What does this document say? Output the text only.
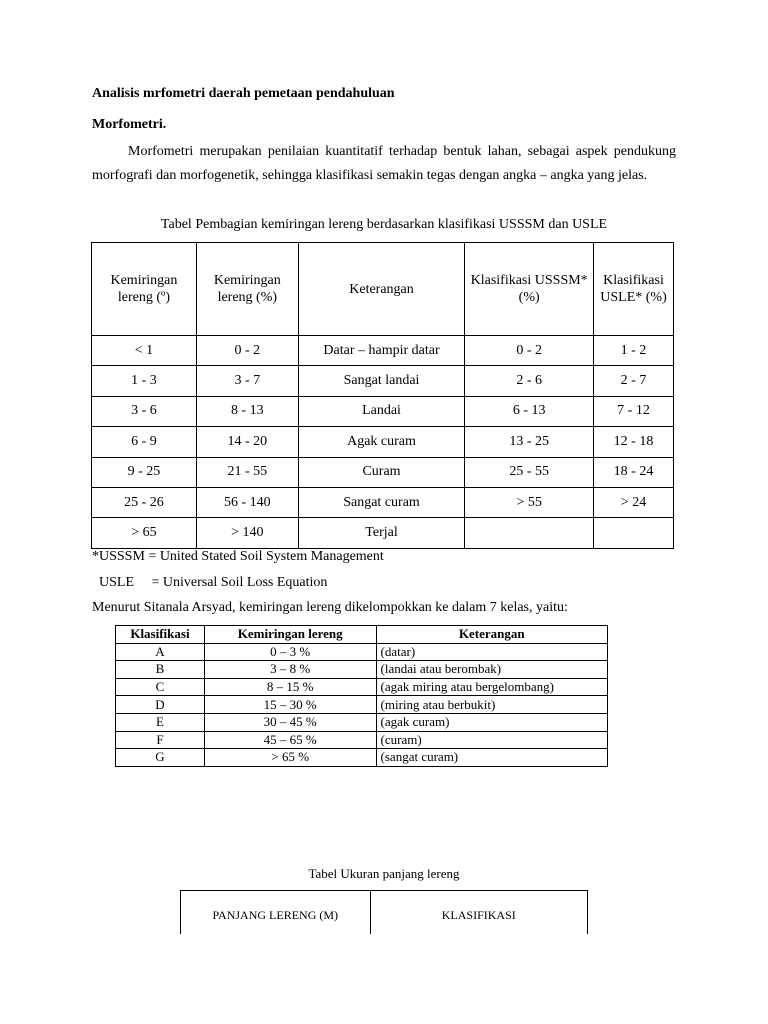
Analisis mrfometri daerah pemetaan pendahuluan
Morfometri.

Morfometri merupakan penilaian kuantitatif terhadap bentuk lahan, sebagai aspek pendukung morfografi dan morfogenetik, sehingga klasifikasi semakin tegas dengan angka – angka yang jelas.

Tabel Pembagian kemiringan lereng berdasarkan klasifikasi USSSM dan USLE
Kemiringan lereng (º)	Kemiringan lereng (%)	Keterangan	Klasifikasi USSSM* (%)	Klasifikasi USLE* (%)
< 1	0 - 2	Datar – hampir datar	0 - 2	1 - 2
1 - 3	3 - 7	Sangat landai	2 - 6	2 - 7
3 - 6	8 - 13	Landai	6 - 13	7 - 12
6 - 9	14 - 20	Agak curam	13 - 25	12 - 18
9 - 25	21 - 55	Curam	25 - 55	18 - 24
25 - 26	56 - 140	Sangat curam	> 55	> 24
> 65	> 140	Terjal		
*USSSM = United Stated Soil System Management
USLE     = Universal Soil Loss Equation
Menurut Sitanala Arsyad, kemiringan lereng dikelompokkan ke dalam 7 kelas, yaitu:
Klasifikasi	Kemiringan lereng	Keterangan
A	0 – 3 %	(datar)
B	3 – 8 %	(landai atau berombak)
C	8 – 15 %	(agak miring atau bergelombang)
D	15 – 30 %	(miring atau berbukit)
E	30 – 45 %	(agak curam)
F	45 – 65 %	(curam)
G	> 65 %	(sangat curam)
Tabel Ukuran panjang lereng
PANJANG LERENG (M)	KLASIFIKASI
